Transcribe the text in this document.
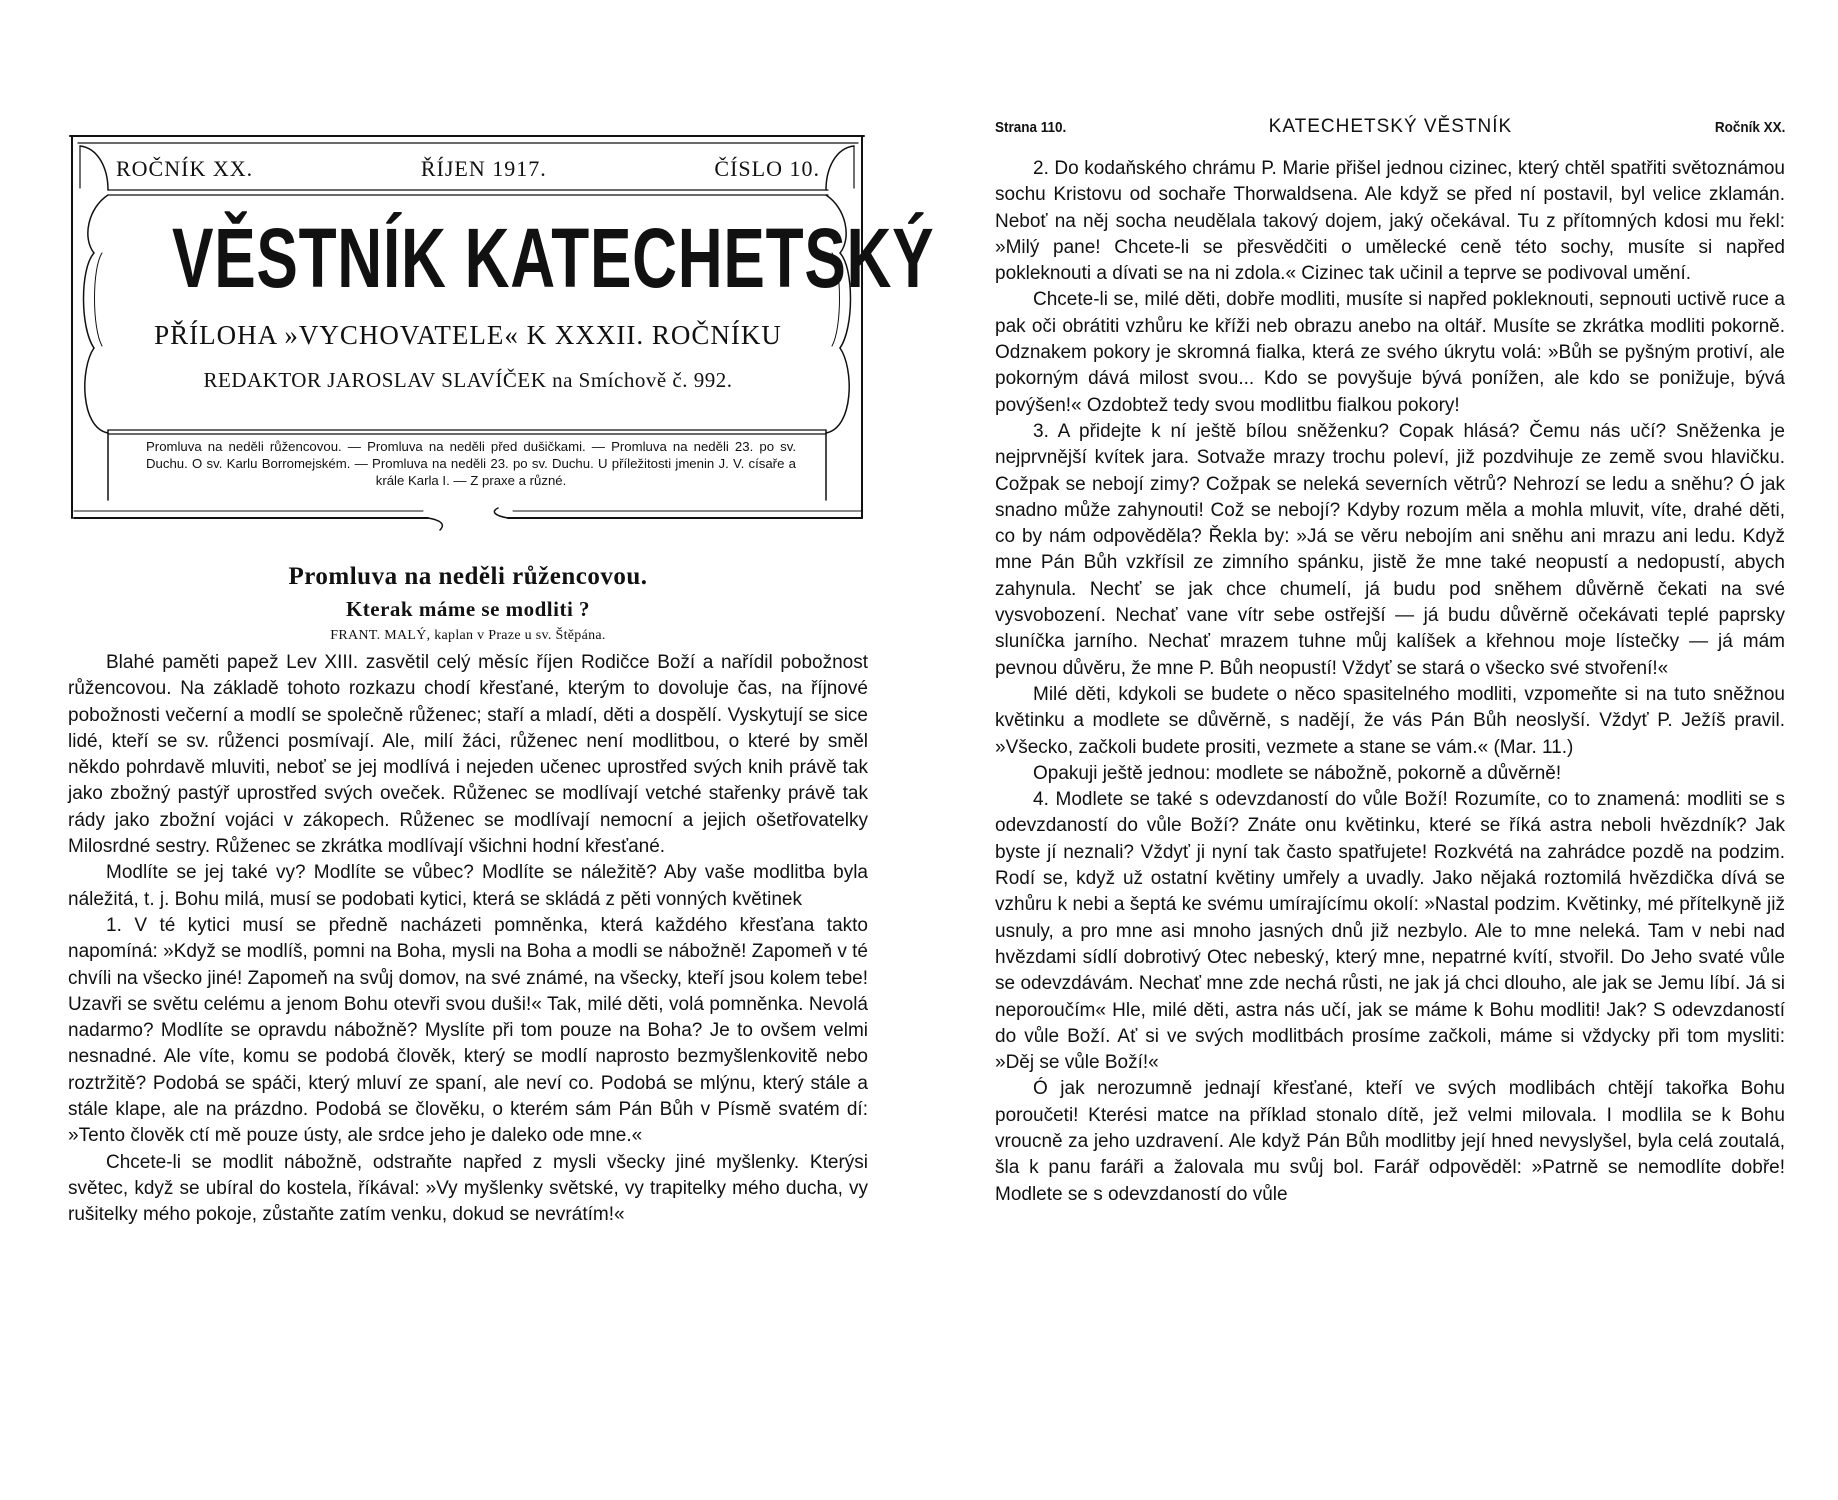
ROČNÍK XX.	ŘÍJEN 1917.	ČÍSLO 10.
VĚSTNÍK KATECHETSKÝ
PŘÍLOHA »VYCHOVATELE« K XXXII. ROČNÍKU
REDAKTOR JAROSLAV SLAVÍČEK na Smíchově č. 992.
Promluva na neděli růžencovou. — Promluva na neděli před dušičkami. — Promluva na neděli 23. po sv. Duchu. O sv. Karlu Borromejském. — Promluva na neděli 23. po sv. Duchu. U příležitosti jmenin J. V. císaře a krále Karla I. — Z praxe a různé.
Promluva na neděli růžencovou.
Kterak máme se modliti ?
FRANT. MALÝ, kaplan v Praze u sv. Štěpána.

Blahé paměti papež Lev XIII. zasvětil celý měsíc říjen Rodičce Boží a nařídil pobožnost růžencovou. Na základě tohoto rozkazu chodí křesťané, kterým to dovoluje čas, na říjnové pobožnosti večerní a modlí se společně růženec; staří a mladí, děti a dospělí. Vyskytují se sice lidé, kteří se sv. růženci posmívají. Ale, milí žáci, růženec není modlitbou, o které by směl někdo pohrdavě mluviti, neboť se jej modlívá i nejeden učenec uprostřed svých knih právě tak jako zbožný pastýř uprostřed svých oveček. Růženec se modlívají vetché stařenky právě tak rády jako zbožní vojáci v zákopech. Růženec se modlívají nemocní a jejich ošetřovatelky Milosrdné sestry. Růženec se zkrátka modlívají všichni hodní křesťané.

Modlíte se jej také vy? Modlíte se vůbec? Modlíte se náležitě? Aby vaše modlitba byla náležitá, t. j. Bohu milá, musí se podobati kytici, která se skládá z pěti vonných květinek

1. V té kytici musí se předně nacházeti pomněnka, která každého křesťana takto napomíná: »Když se modlíš, pomni na Boha, mysli na Boha a modli se nábožně! Zapomeň v té chvíli na všecko jiné! Zapomeň na svůj domov, na své známé, na všecky, kteří jsou kolem tebe! Uzavři se světu celému a jenom Bohu otevři svou duši!« Tak, milé děti, volá pomněnka. Nevolá nadarmo? Modlíte se opravdu nábožně? Myslíte při tom pouze na Boha? Je to ovšem velmi nesnadné. Ale víte, komu se podobá člověk, který se modlí naprosto bezmyšlenkovitě nebo roztržitě? Podobá se spáči, který mluví ze spaní, ale neví co. Podobá se mlýnu, který stále a stále klape, ale na prázdno. Podobá se člověku, o kterém sám Pán Bůh v Písmě svatém dí: »Tento člověk ctí mě pouze ústy, ale srdce jeho je daleko ode mne.«

Chcete-li se modlit nábožně, odstraňte napřed z mysli všecky jiné myšlenky. Kterýsi světec, když se ubíral do kostela, říkával: »Vy myšlenky světské, vy trapitelky mého ducha, vy rušitelky mého pokoje, zůstaňte zatím venku, dokud se nevrátím!«

Strana 110.	KATECHETSKÝ VĚSTNÍK	Ročník XX.

2. Do kodaňského chrámu P. Marie přišel jednou cizinec, který chtěl spatřiti světoznámou sochu Kristovu od sochaře Thorwaldsena. Ale když se před ní postavil, byl velice zklamán. Neboť na něj socha neudělala takový dojem, jaký očekával. Tu z přítomných kdosi mu řekl: »Milý pane! Chcete-li se přesvědčiti o umělecké ceně této sochy, musíte si napřed pokleknouti a dívati se na ni zdola.« Cizinec tak učinil a teprve se podivoval umění.

Chcete-li se, milé děti, dobře modliti, musíte si napřed pokleknouti, sepnouti uctivě ruce a pak oči obrátiti vzhůru ke kříži neb obrazu anebo na oltář. Musíte se zkrátka modliti pokorně. Odznakem pokory je skromná fialka, která ze svého úkrytu volá: »Bůh se pyšným protiví, ale pokorným dává milost svou... Kdo se povyšuje bývá ponížen, ale kdo se ponižuje, bývá povýšen!« Ozdobtež tedy svou modlitbu fialkou pokory!

3. A přidejte k ní ještě bílou sněženku? Copak hlásá? Čemu nás učí? Sněženka je nejprvnější kvítek jara. Sotvaže mrazy trochu poleví, již pozdvihuje ze země svou hlavičku. Cožpak se nebojí zimy? Cožpak se neleká severních větrů? Nehrozí se ledu a sněhu? Ó jak snadno může zahynouti! Což se nebojí? Kdyby rozum měla a mohla mluvit, víte, drahé děti, co by nám odpověděla? Řekla by: »Já se věru nebojím ani sněhu ani mrazu ani ledu. Když mne Pán Bůh vzkřísil ze zimního spánku, jistě že mne také neopustí a nedopustí, abych zahynula. Nechť se jak chce chumelí, já budu pod sněhem důvěrně čekati na své vysvobození. Nechať vane vítr sebe ostřejší — já budu důvěrně očekávati teplé paprsky sluníčka jarního. Nechať mrazem tuhne můj kalíšek a křehnou moje lístečky — já mám pevnou důvěru, že mne P. Bůh neopustí! Vždyť se stará o všecko své stvoření!«

Milé děti, kdykoli se budete o něco spasitelného modliti, vzpomeňte si na tuto sněžnou květinku a modlete se důvěrně, s nadějí, že vás Pán Bůh neoslyší. Vždyť P. Ježíš pravil. »Všecko, začkoli budete prositi, vezmete a stane se vám.« (Mar. 11.)

Opakuji ještě jednou: modlete se nábožně, pokorně a důvěrně!

4. Modlete se také s odevzdaností do vůle Boží! Rozumíte, co to znamená: modliti se s odevzdaností do vůle Boží? Znáte onu květinku, které se říká astra neboli hvězdník? Jak byste jí neznali? Vždyť ji nyní tak často spatřujete! Rozkvétá na zahrádce pozdě na podzim. Rodí se, když už ostatní květiny umřely a uvadly. Jako nějaká roztomilá hvězdička dívá se vzhůru k nebi a šeptá ke svému umírajícímu okolí: »Nastal podzim. Květinky, mé přítelkyně již usnuly, a pro mne asi mnoho jasných dnů již nezbylo. Ale to mne neleká. Tam v nebi nad hvězdami sídlí dobrotivý Otec nebeský, který mne, nepatrné kvítí, stvořil. Do Jeho svaté vůle se odevzdávám. Nechať mne zde nechá růsti, ne jak já chci dlouho, ale jak se Jemu líbí. Já si neporoučím« Hle, milé děti, astra nás učí, jak se máme k Bohu modliti! Jak? S odevzdaností do vůle Boží. Ať si ve svých modlitbách prosíme začkoli, máme si vždycky při tom mysliti: »Děj se vůle Boží!«

Ó jak nerozumně jednají křesťané, kteří ve svých modlibách chtějí takořka Bohu poroučeti! Kterési matce na příklad stonalo dítě, jež velmi milovala. I modlila se k Bohu vroucně za jeho uzdravení. Ale když Pán Bůh modlitby její hned nevyslyšel, byla celá zoutalá, šla k panu faráři a žalovala mu svůj bol. Farář odpověděl: »Patrně se nemodlíte dobře! Modlete se s odevzdaností do vůle
